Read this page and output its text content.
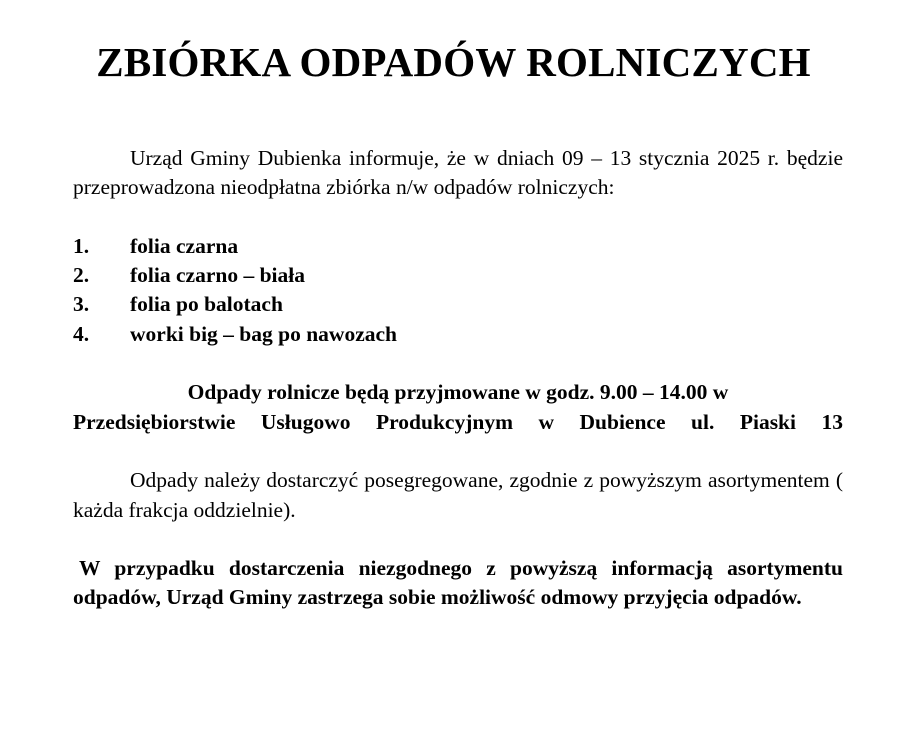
ZBIÓRKA ODPADÓW ROLNICZYCH

Urząd Gminy Dubienka informuje, że w dniach 09 – 13 stycznia 2025 r. będzie przeprowadzona nieodpłatna zbiórka n/w odpadów rolniczych:

1.	folia czarna
2.	folia czarno – biała
3.	folia po balotach
4.	worki big – bag po nawozach

Odpady rolnicze będą przyjmowane w godz. 9.00 – 14.00 w
Przedsiębiorstwie Usługowo Produkcyjnym w Dubience ul. Piaski 13

Odpady należy dostarczyć posegregowane, zgodnie z powyższym asortymentem ( każda frakcja oddzielnie).

W przypadku dostarczenia niezgodnego z powyższą informacją asortymentu odpadów, Urząd Gminy zastrzega sobie możliwość odmowy przyjęcia odpadów.
